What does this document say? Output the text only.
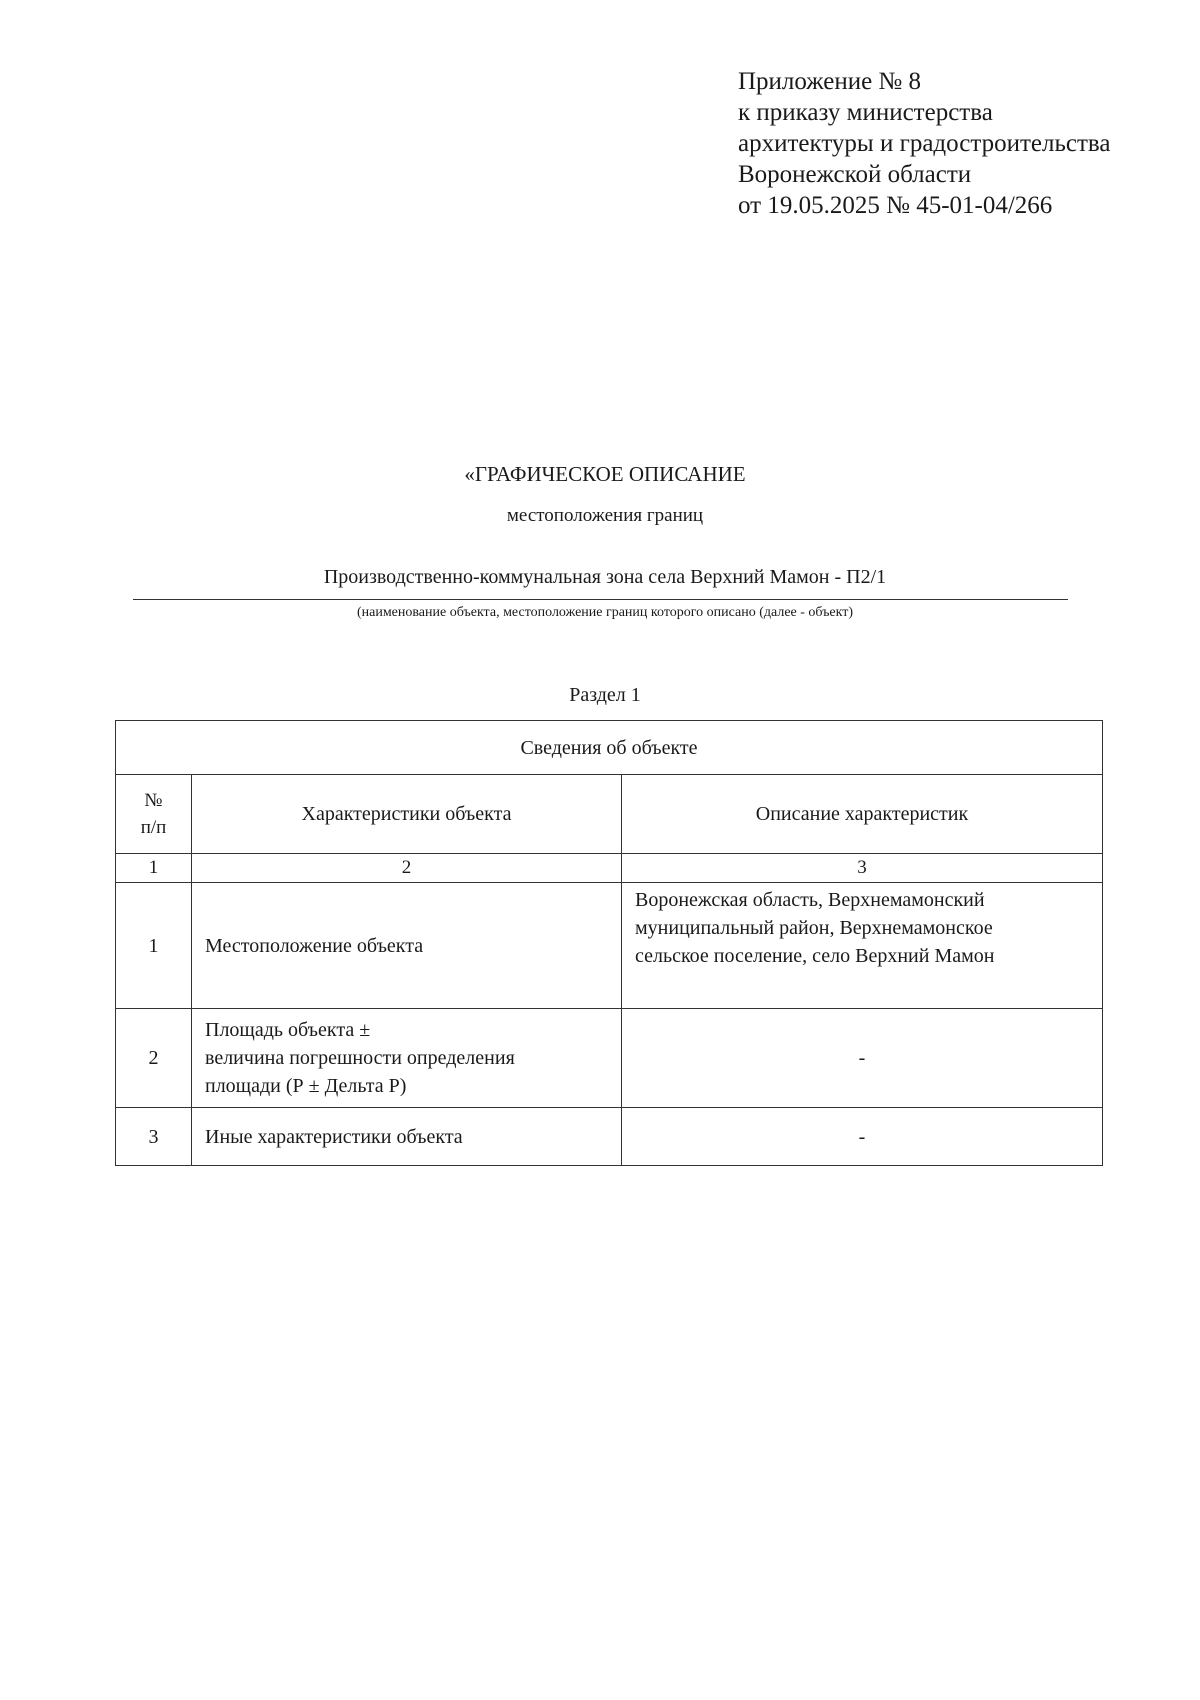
Приложение № 8
к приказу министерства
архитектуры и градостроительства
Воронежской области
от 19.05.2025 № 45-01-04/266
«ГРАФИЧЕСКОЕ ОПИСАНИЕ
местоположения границ
Производственно-коммунальная зона села Верхний Мамон - П2/1
(наименование объекта, местоположение границ которого описано (далее - объект)
Раздел 1
Сведения об объекте		

№
п/п	Характеристики объекта	Описание характеристик
1	2	3
1	Местоположение объекта	Воронежская область, Верхнемамонский
муниципальный район, Верхнемамонское
сельское поселение, село Верхний Мамон

2	Площадь объекта ±
величина погрешности определения
площади (Р ± Дельта Р)	-

3	Иные характеристики объекта	-
